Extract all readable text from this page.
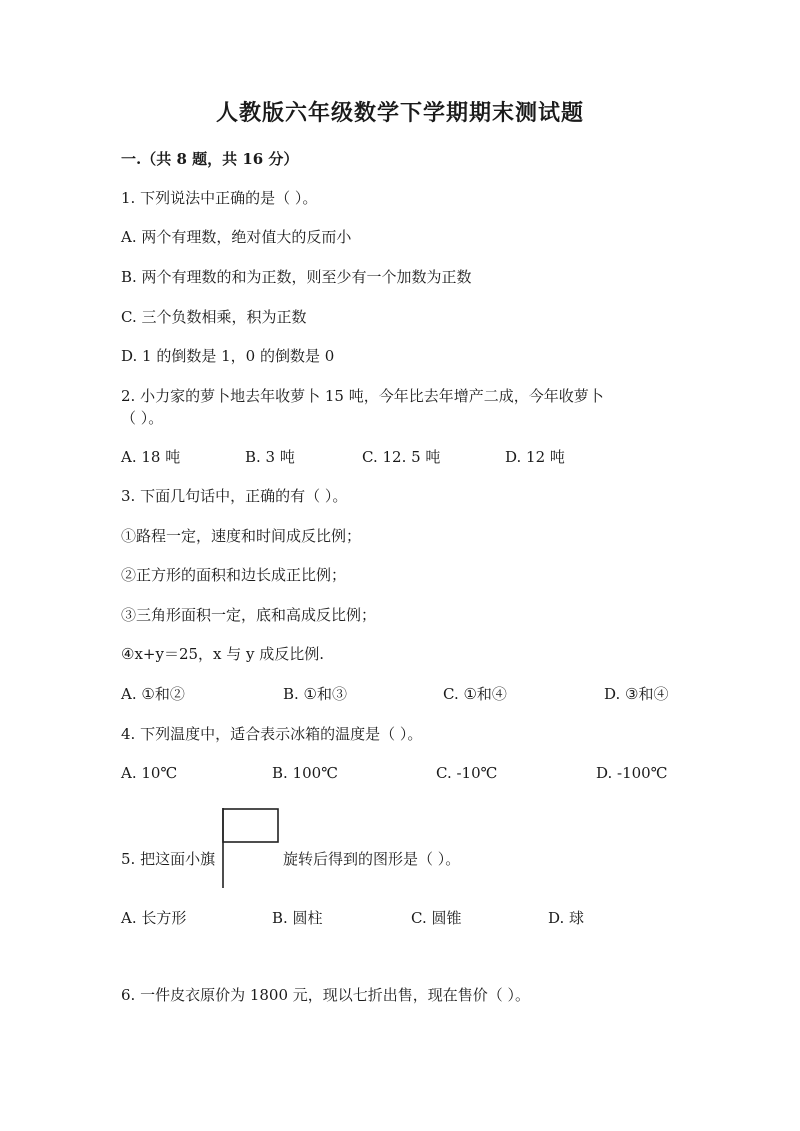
人教版六年级数学下学期期末测试题
一.（共 8 题，共 16 分）
1. 下列说法中正确的是（ ）。
A. 两个有理数，绝对值大的反而小
B. 两个有理数的和为正数，则至少有一个加数为正数
C. 三个负数相乘，积为正数
D. 1 的倒数是 1，0 的倒数是 0
2. 小力家的萝卜地去年收萝卜 15 吨，今年比去年增产二成，今年收萝卜
（ ）。
A. 18 吨	B. 3 吨	C. 12. 5 吨	D. 12 吨
3. 下面几句话中，正确的有（ ）。
①路程一定，速度和时间成反比例；
②正方形的面积和边长成正比例；
③三角形面积一定，底和高成反比例；
④x+y＝25，x 与 y 成反比例.
A. ①和②	B. ①和③	C. ①和④	D. ③和④
4. 下列温度中，适合表示冰箱的温度是（ ）。
A. 10℃	B. 100℃	C. -10℃	D. -100℃
5. 把这面小旗	旋转后得到的图形是（ ）。
A. 长方形	B. 圆柱	C. 圆锥	D. 球
6. 一件皮衣原价为 1800 元，现以七折出售，现在售价（ ）。
